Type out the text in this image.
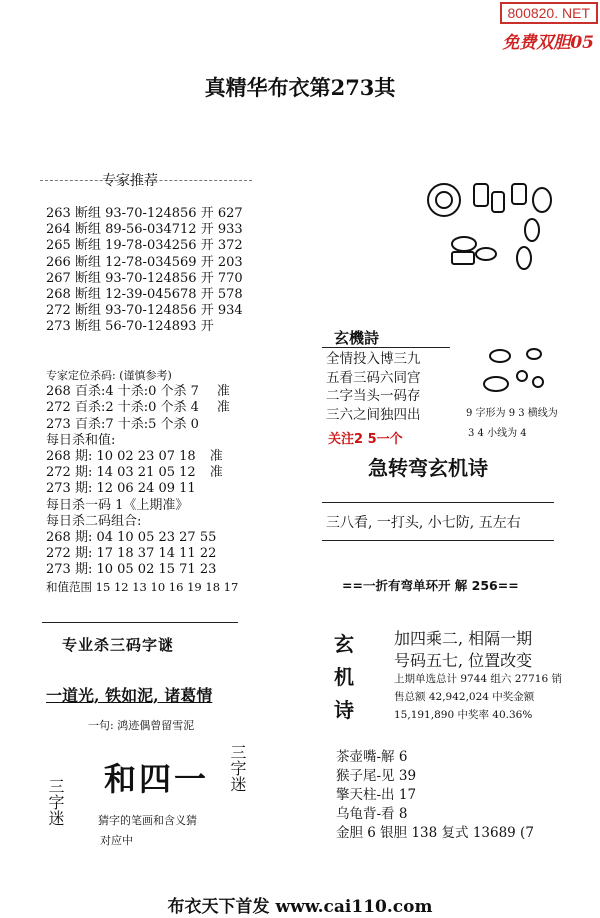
800820. NET
免费双胆05
真精华布衣第273其
专家推荐
263 断组 93-70-124856 开 627
264 断组 89-56-034712 开 933
265 断组 19-78-034256 开 372
266 断组 12-78-034569 开 203
267 断组 93-70-124856 开 770
268 断组 12-39-045678 开 578
272 断组 93-70-124856 开 934
273 断组 56-70-124893 开
专家定位杀码: (谨慎参考)
268 百杀:4 十杀:0 个杀 7 准
272 百杀:2 十杀:0 个杀 4 准
273 百杀:7 十杀:5 个杀 0
每日杀和值:
268 期: 10 02 23 07 18 准
272 期: 14 03 21 05 12 准
273 期: 12 06 24 09 11
每日杀一码 1《上期准》
每日杀二码组合:
268 期: 04 10 05 23 27 55
272 期: 17 18 37 14 11 22
273 期: 10 05 02 15 71 23
和值范围 15 12 13 10 16 19 18 17
专业杀三码字谜
一道光, 铁如泥, 诸葛情
一句: 鸿迹偶曾留雪泥
和四一 三字迷
三字迷	猜字的笔画和含义猜
对应中
玄機詩
全情投入博三九
五看三码六同宫
二字当头一码存
三六之间独四出
关注2 5一个
9 字形为 9 3 横线为
3 4 小线为 4
急转弯玄机诗
三八看, 一打头, 小七防, 五左右
==一折有弯单环开 解 256==
玄
机
诗
加四乘二, 相隔一期
号码五七, 位置改变
上期单选总计 9744 组六 27716 销
售总额 42,942,024 中奖金额
15,191,890 中奖率 40.36%
茶壶嘴-解 6
猴子尾-见 39
擎天柱-出 17
乌龟背-看 8
金胆 6 银胆 138 复式 13689 (7
布衣天下首发 www.cai110.com
